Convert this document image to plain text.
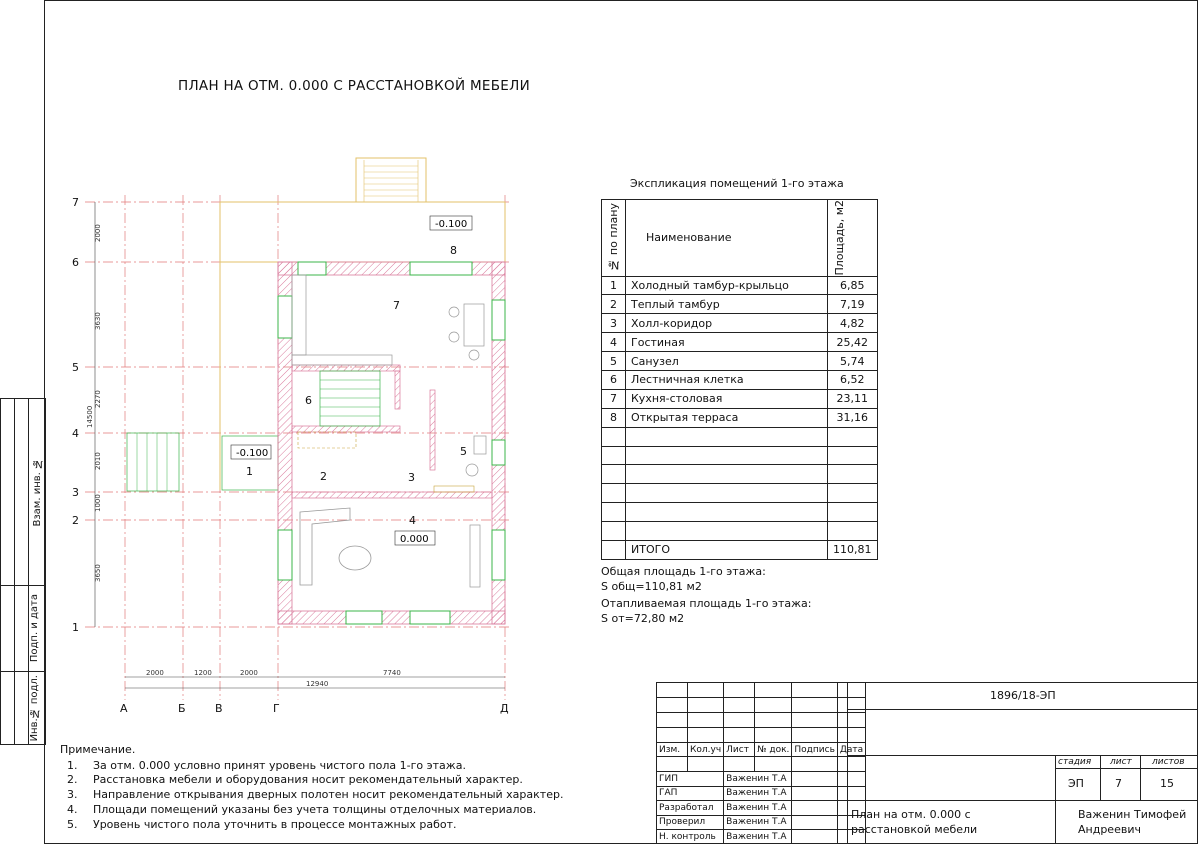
ПЛАН НА ОТМ. 0.000 С РАССТАНОВКОЙ МЕБЕЛИ
7
6
5
4
3
2
1
А	Б	В	Г	Д
2000	1200	2000	7740
12940
3650
1000
2010
2270
3630
2000
14500
-0.100
-0.100
0.000
1	2	3
4
5
6
7
8
Экспликация помещений 1-го этажа
№ по плану	Наименование	Площадь, м2

1	Холодный тамбур-крыльцо	6,85
2	Теплый тамбур	7,19
3	Холл-коридор	4,82
4	Гостиная	25,42
5	Санузел	5,74
6	Лестничная клетка	6,52
7	Кухня-столовая	23,11
8	Открытая терраса	31,16

	ИТОГО	110,81
Общая площадь 1-го этажа:
S общ=110,81 м2
Отапливаемая площадь 1-го этажа:
S от=72,80 м2
Примечание.
1. За отм. 0.000 условно принят уровень чистого пола 1-го этажа.
2. Расстановка мебели и оборудования носит рекомендательный характер.
3. Направление открывания дверных полотен носит рекомендательный характер.
4. Площади помещений указаны без учета толщины отделочных материалов.
5. Уровень чистого пола уточнить в процессе монтажных работ.

		Взам. инв. №

		Подп. и дата

		Инв.№ подл.	1896/18-ЭП

Изм.	Кол.уч	Лист	№ док.	Подпись	Дата

ГИП		Важенин Т.А			
ГАП		Важенин Т.А			
Разработал		Важенин Т.А			
Проверил		Важенин Т.А			
Н. контроль		Важенин Т.А			
стадия лист листов
ЭП	7	15
План на отм. 0.000 с расстановкой мебели
Важенин Тимофей Андреевич
